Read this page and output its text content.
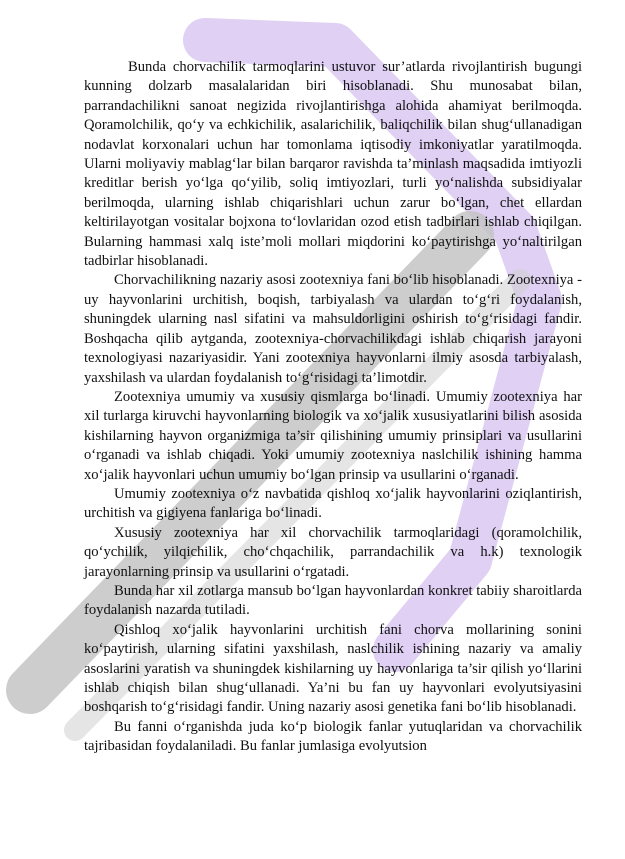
Bunda chorvachilik tarmoqlarini ustuvor sur’atlarda rivojlantirish bugungi kunning dolzarb masalalaridan biri hisoblanadi. Shu munosabat bilan, parrandachilikni sanoat negizida rivojlantirishga alohida ahamiyat berilmoqda. Qoramolchilik, qo‘y va echkichilik, asalarichilik, baliqchilik bilan shug‘ullanadigan nodavlat korxonalari uchun har tomonlama iqtisodiy imkoniyatlar yaratilmoqda. Ularni moliyaviy mablag‘lar bilan barqaror ravishda ta’minlash maqsadida imtiyozli kreditlar berish yo‘lga qo‘yilib, soliq imtiyozlari, turli yo‘nalishda subsidiyalar berilmoqda, ularning ishlab chiqarishlari uchun zarur bo‘lgan, chet ellardan keltirilayotgan vositalar bojxona to‘lovlaridan ozod etish tadbirlari ishlab chiqilgan. Bularning hammasi xalq iste’moli mollari miqdorini ko‘paytirishga yo‘naltirilgan tadbirlar hisoblanadi.

Chorvachilikning nazariy asosi zootexniya fani bo‘lib hisoblanadi. Zootexniya - uy hayvonlarini urchitish, boqish, tarbiyalash va ulardan to‘g‘ri foydalanish, shuningdek ularning nasl sifatini va mahsuldorligini oshirish to‘g‘risidagi fandir. Boshqacha qilib aytganda, zootexniya-chorvachilikdagi ishlab chiqarish jarayoni texnologiyasi nazariyasidir. Yani zootexniya hayvonlarni ilmiy asosda tarbiyalash, yaxshilash va ulardan foydalanish to‘g‘risidagi ta’limotdir.

Zootexniya umumiy va xususiy qismlarga bo‘linadi. Umumiy zootexniya har xil turlarga kiruvchi hayvonlarning biologik va xo‘jalik xususiyatlarini bilish asosida kishilarning hayvon organizmiga ta’sir qilishining umumiy prinsiplari va usullarini o‘rganadi va ishlab chiqadi. Yoki umumiy zootexniya naslchilik ishining hamma xo‘jalik hayvonlari uchun umumiy bo‘lgan prinsip va usullarini o‘rganadi.

Umumiy zootexniya o‘z navbatida qishloq xo‘jalik hayvonlarini oziqlantirish, urchitish va gigiyena fanlariga bo‘linadi.

Xususiy zootexniya har xil chorvachilik tarmoqlaridagi (qoramolchilik, qo‘ychilik, yilqichilik, cho‘chqachilik, parrandachilik va h.k) texnologik jarayonlarning prinsip va usullarini o‘rgatadi.

Bunda har xil zotlarga mansub bo‘lgan hayvonlardan konkret tabiiy sharoitlarda foydalanish nazarda tutiladi.

Qishloq xo‘jalik hayvonlarini urchitish fani chorva mollarining sonini ko‘paytirish, ularning sifatini yaxshilash, naslchilik ishining nazariy va amaliy asoslarini yaratish va shuningdek kishilarning uy hayvonlariga ta’sir qilish yo‘llarini ishlab chiqish bilan shug‘ullanadi. Ya’ni bu fan uy hayvonlari evolyutsiyasini boshqarish to‘g‘risidagi fandir. Uning nazariy asosi genetika fani bo‘lib hisoblanadi.

Bu fanni o‘rganishda juda ko‘p biologik fanlar yutuqlaridan va chorvachilik tajribasidan foydalaniladi. Bu fanlar jumlasiga evolyutsion
